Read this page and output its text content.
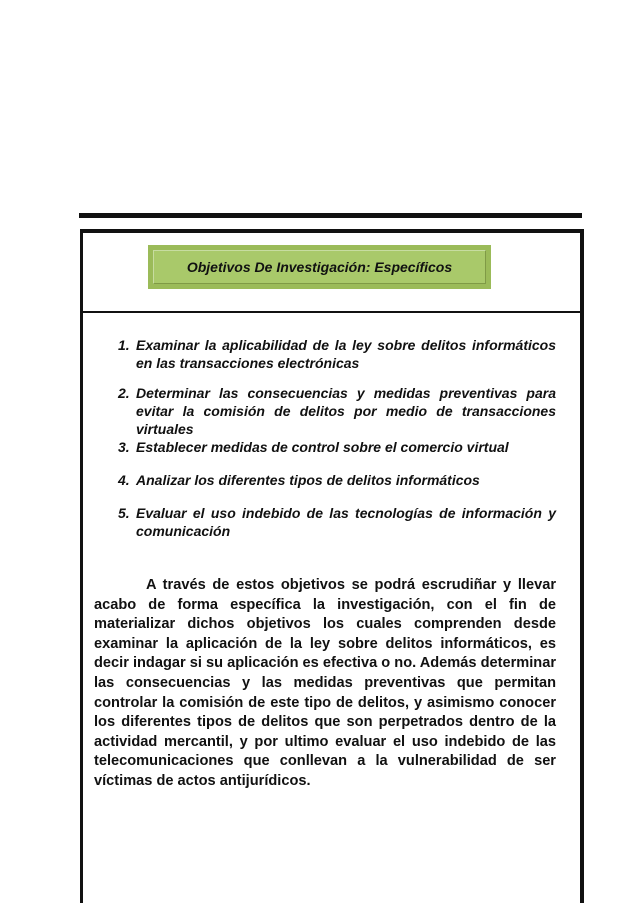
Objetivos De Investigación: Específicos
1. Examinar la aplicabilidad de la ley sobre delitos informáticos en las transacciones electrónicas
2. Determinar las consecuencias y medidas preventivas para evitar la comisión de delitos por medio de transacciones virtuales
3. Establecer medidas de control sobre el comercio virtual
4. Analizar los diferentes tipos de delitos informáticos
5. Evaluar el uso indebido de las tecnologías de información y comunicación

A través de estos objetivos se podrá escrudiñar y llevar acabo de forma específica la investigación, con el fin de materializar dichos objetivos los cuales comprenden desde examinar la aplicación de la ley sobre delitos informáticos, es decir indagar si su aplicación es efectiva o no. Además determinar las consecuencias y las medidas preventivas que permitan controlar la comisión de este tipo de delitos, y asimismo conocer los diferentes tipos de delitos que son perpetrados dentro de la actividad mercantil, y por ultimo evaluar el uso indebido de las telecomunicaciones que conllevan a la vulnerabilidad de ser víctimas de actos antijurídicos.
